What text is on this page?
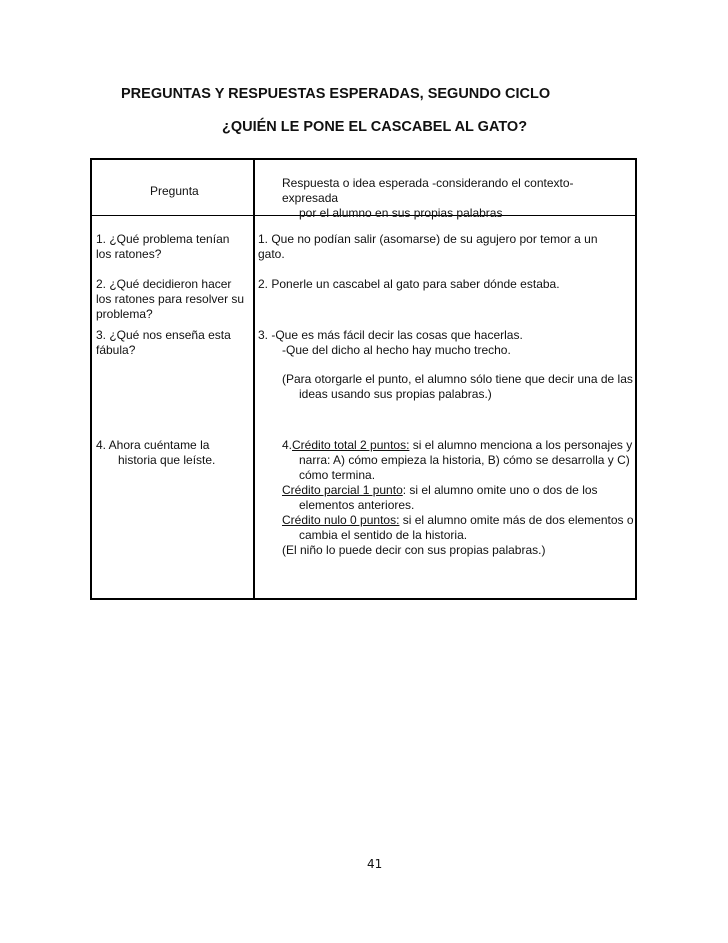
PREGUNTAS Y RESPUESTAS ESPERADAS, SEGUNDO CICLO
¿QUIÉN LE PONE EL CASCABEL AL GATO?
Pregunta
Respuesta o idea esperada -considerando el contexto- expresada
por el alumno en sus propias palabras
1. ¿Qué problema tenían
los ratones?
1. Que no podían salir (asomarse) de su agujero por temor a un
gato.
2. ¿Qué decidieron hacer
los ratones para resolver su
problema?
2. Ponerle un cascabel al gato para saber dónde estaba.
3. ¿Qué nos enseña esta
fábula?
3. -Que es más fácil decir las cosas que hacerlas.
-Que del dicho al hecho hay mucho trecho.
(Para otorgarle el punto, el alumno sólo tiene que decir una de las
ideas usando sus propias palabras.)
4. Ahora cuéntame la
historia que leíste.
4.Crédito total 2 puntos: si el alumno menciona a los personajes y
narra: A) cómo empieza la historia, B) cómo se desarrolla y C)
cómo termina.
Crédito parcial 1 punto: si el alumno omite uno o dos de los
elementos anteriores.
Crédito nulo 0 puntos: si el alumno omite más de dos elementos o
cambia el sentido de la historia.
(El niño lo puede decir con sus propias palabras.)
41
